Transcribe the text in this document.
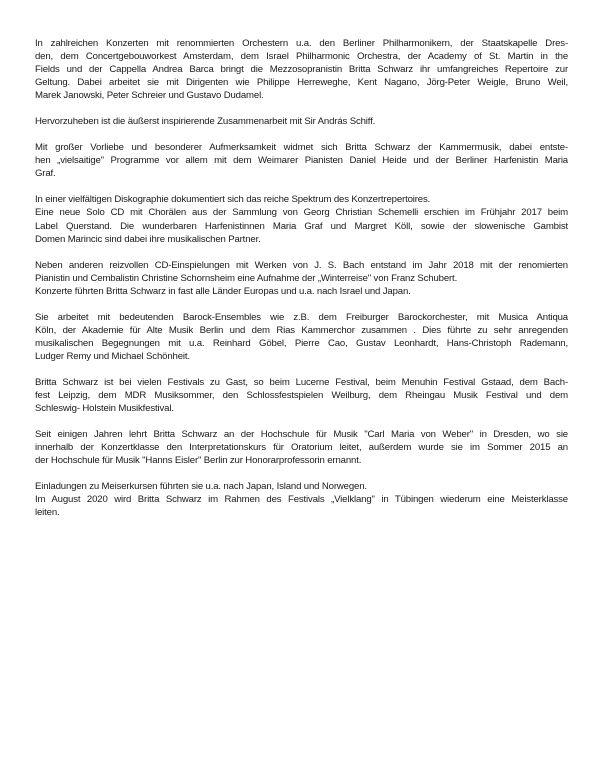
In zahlreichen Konzerten mit renommierten Orchestern u.a. den Berliner Philharmonikern, der Staatskapelle Dres-
den, dem Concertgebouworkest Amsterdam, dem Israel Philharmonic Orchestra, der Academy of St. Martin in the
Fields und der Cappella Andrea Barca bringt die Mezzosopranistin Britta Schwarz ihr umfangreiches Repertoire zur
Geltung. Dabei arbeitet sie mit Dirigenten wie Philippe Herreweghe, Kent Nagano, Jörg-Peter Weigle, Bruno Weil,
Marek Janowski, Peter Schreier und Gustavo Dudamel.

Hervorzuheben ist die äußerst inspirierende Zusammenarbeit mit Sir András Schiff.

Mit großer Vorliebe und besonderer Aufmerksamkeit widmet sich Britta Schwarz der Kammermusik, dabei entste-
hen „vielsaitige" Programme vor allem mit dem Weimarer Pianisten Daniel Heide und der Berliner Harfenistin Maria
Graf.

In einer vielfältigen Diskographie dokumentiert sich das reiche Spektrum des Konzertrepertoires.
Eine neue Solo CD mit Chorälen aus der Sammlung von Georg Christian Schemelli erschien im Frühjahr 2017 beim
Label Querstand. Die wunderbaren Harfenistinnen Maria Graf und Margret Köll, sowie der slowenische Gambist
Domen Marincic sind dabei ihre musikalischen Partner.

Neben anderen reizvollen CD-Einspielungen mit Werken von J. S. Bach entstand im Jahr 2018 mit der renomierten
Pianistin und Cembalistin Christine Schornsheim eine Aufnahme der „Winterreise" von Franz Schubert.
Konzerte führten Britta Schwarz in fast alle Länder Europas und u.a. nach Israel und Japan.

Sie arbeitet mit bedeutenden Barock-Ensembles wie z.B. dem Freiburger Barockorchester, mit Musica Antiqua
Köln, der Akademie für Alte Musik Berlin und dem Rias Kammerchor zusammen . Dies führte zu sehr anregenden
musikalischen Begegnungen mit u.a. Reinhard Göbel, Pierre Cao, Gustav Leonhardt, Hans-Christoph Rademann,
Ludger Remy und Michael Schönheit.

Britta Schwarz ist bei vielen Festivals zu Gast, so beim Lucerne Festival, beim Menuhin Festival Gstaad, dem Bach-
fest Leipzig, dem MDR Musiksommer, den Schlossfestspielen Weilburg, dem Rheingau Musik Festival und dem
Schleswig- Holstein Musikfestival.

Seit einigen Jahren lehrt Britta Schwarz an der Hochschule für Musik "Carl Maria von Weber" in Dresden, wo sie
innerhalb der Konzertklasse den Interpretationskurs für Oratorium leitet, außerdem wurde sie im Sommer 2015 an
der Hochschule für Musik "Hanns Eisler" Berlin zur Honorarprofessorin ernannt.

Einladungen zu Meiserkursen führten sie u.a. nach Japan, Island und Norwegen.
Im August 2020 wird Britta Schwarz im Rahmen des Festivals „Vielklang" in Tübingen wiederum eine Meisterklasse
leiten.
